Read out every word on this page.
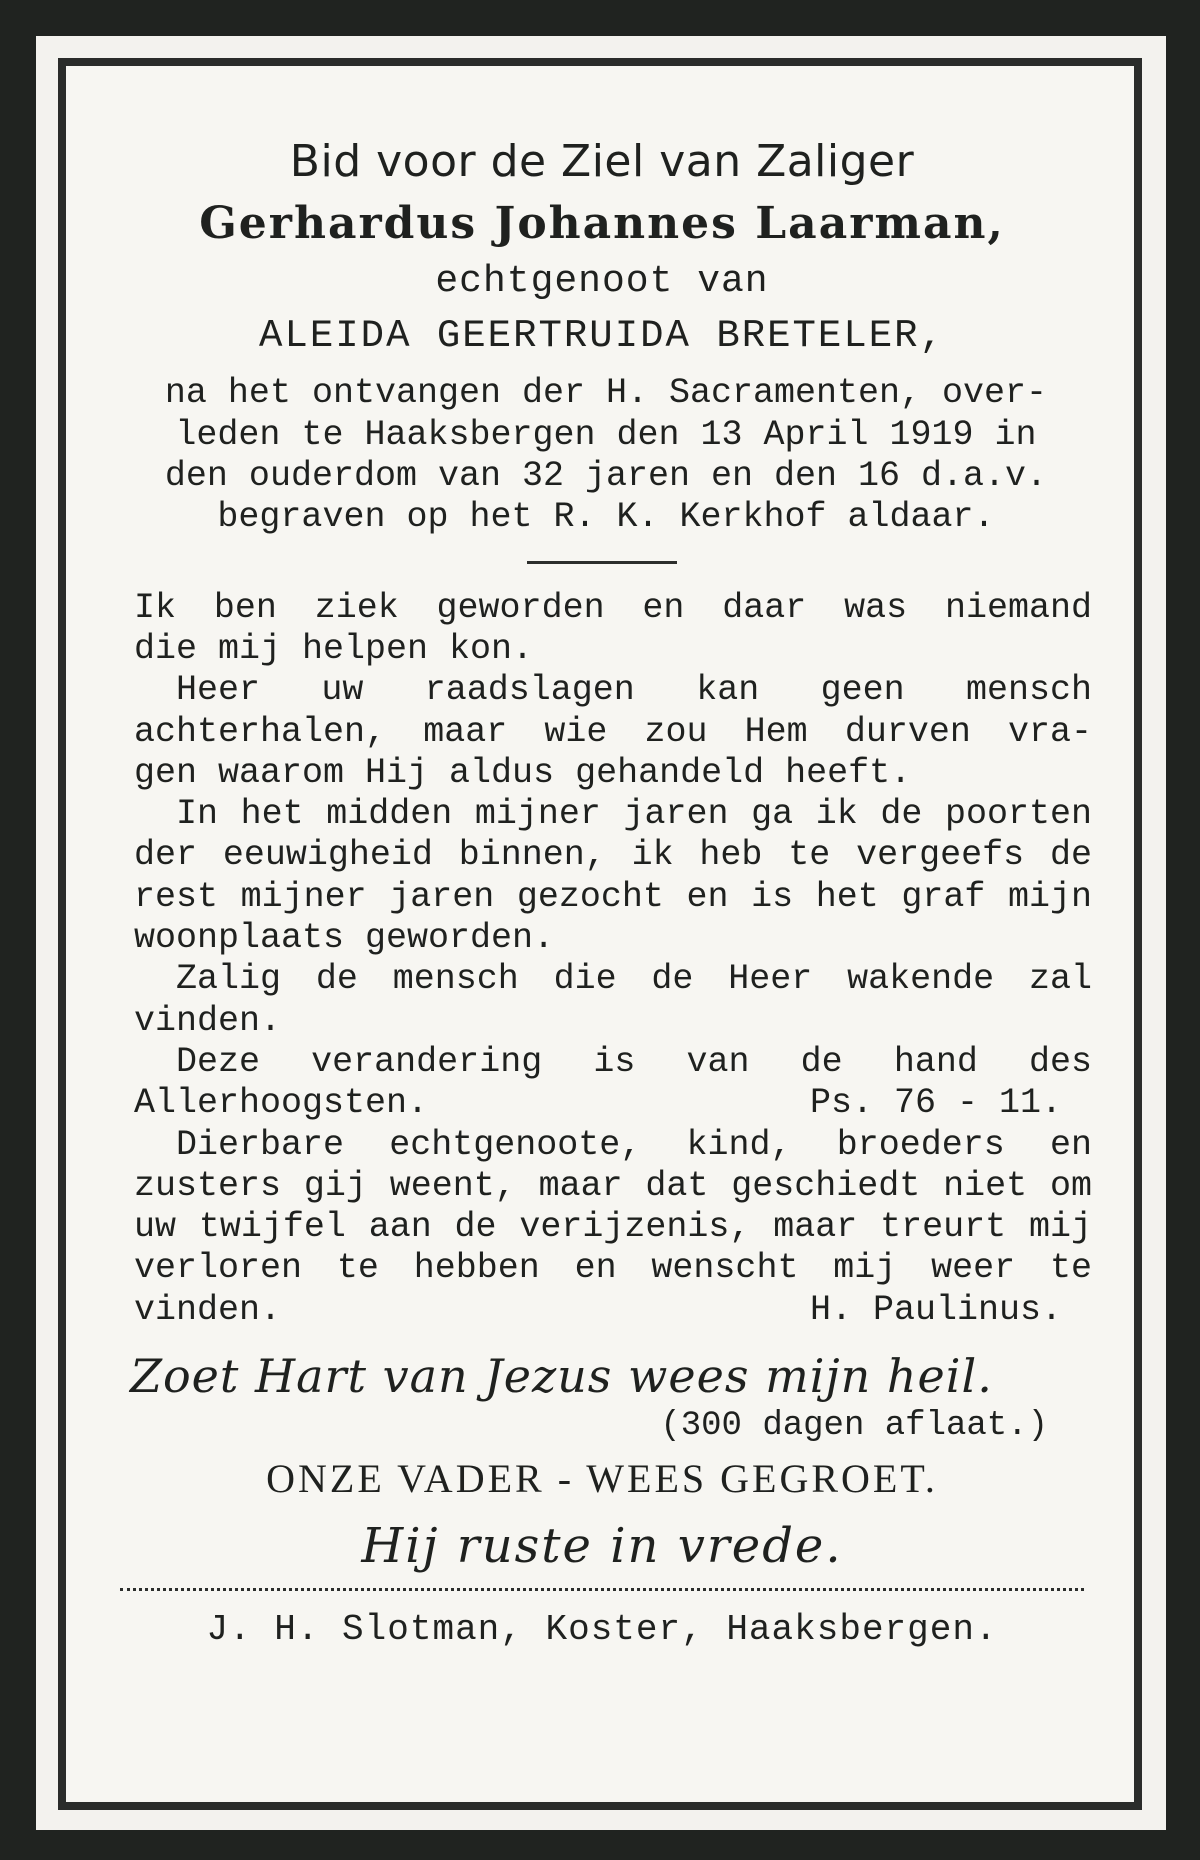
Bid voor de Ziel van Zaliger
Gerhardus Johannes Laarman,
echtgenoot van
ALEIDA GEERTRUIDA BRETELER,
na het ontvangen der H. Sacramenten, over-
leden te Haaksbergen den 13 April 1919 in
den ouderdom van 32 jaren en den 16 d.a.v.
begraven op het R. K. Kerkhof aldaar.
Ik ben ziek geworden en daar was niemand
die mij helpen kon.
Heer uw raadslagen kan geen mensch
achterhalen, maar wie zou Hem durven vra-
gen waarom Hij aldus gehandeld heeft.
In het midden mijner jaren ga ik de poorten
der eeuwigheid binnen, ik heb te vergeefs de
rest mijner jaren gezocht en is het graf mijn
woonplaats geworden.
Zalig de mensch die de Heer wakende zal
vinden.
Deze verandering is van de hand des
Allerhoogsten.	Ps. 76 - 11.
Dierbare echtgenoote, kind, broeders en
zusters gij weent, maar dat geschiedt niet om
uw twijfel aan de verijzenis, maar treurt mij
verloren te hebben en wenscht mij weer te
vinden.	H. Paulinus.
Zoet Hart van Jezus wees mijn heil.
(300 dagen aflaat.)
ONZE VADER - WEES GEGROET.
Hij ruste in vrede.
J. H. Slotman, Koster, Haaksbergen.
